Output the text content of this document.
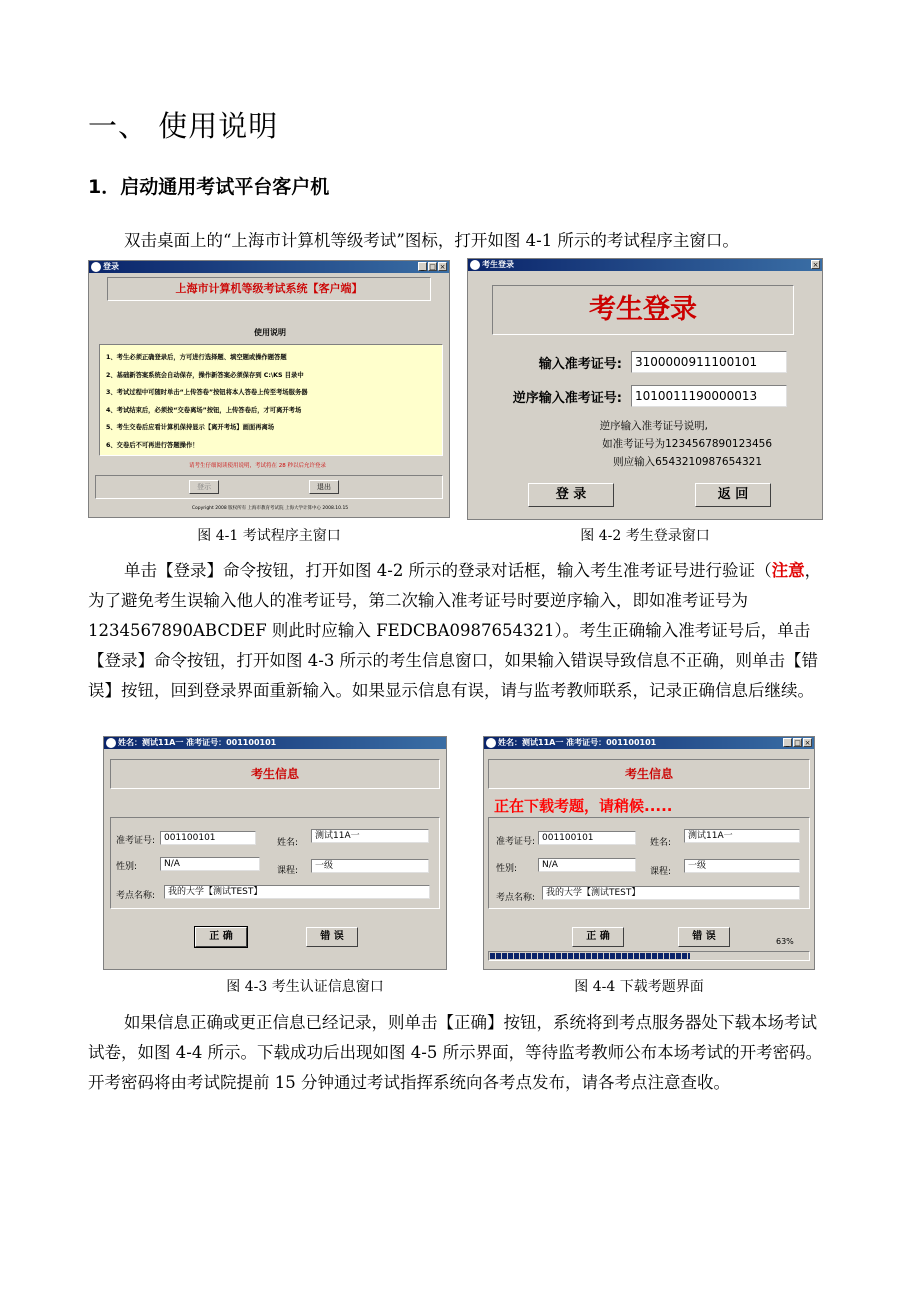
一、 使用说明
1．启动通用考试平台客户机

双击桌面上的“上海市计算机等级考试”图标，打开如图 4-1 所示的考试程序主窗口。

登录	_ □ ×
上海市计算机等级考试系统【客户端】
使用说明
1、考生必须正确登录后，方可进行选择题、填空题或操作题答题
2、基础新答案系统会自动保存，操作新答案必须保存到 C:\KS 目录中
3、考试过程中可随时单击“上传答卷”按钮将本人答卷上传至考场服务器
4、考试结束后，必须按“交卷离场”按钮，上传答卷后，才可离开考场
5、考生交卷后应看计算机保持显示【离开考场】画面再离场
6、交卷后不可再进行答题操作！
请考生仔细阅读使用说明，考试将在 28 秒以后允许登录
登示	退出
Copyright 2008 版权所有 上海市教育考试院 上海大学计算中心 2008.10.15
考生登录	×
考生登录
输入准考证号:	3100000911100101
逆序输入准考证号:	1010011190000013
逆序输入准考证号说明,
如准考证号为1234567890123456
则应输入6543210987654321
登 录	返 回
图 4-1 考试程序主窗口	图 4-2 考生登录窗口

单击【登录】命令按钮，打开如图 4-2 所示的登录对话框，输入考生准考证号进行验证（注意，为了避免考生误输入他人的准考证号，第二次输入准考证号时要逆序输入，即如准考证号为 1234567890ABCDEF 则此时应输入 FEDCBA0987654321）。考生正确输入准考证号后，单击【登录】命令按钮，打开如图 4-3 所示的考生信息窗口，如果输入错误导致信息不正确，则单击【错误】按钮，回到登录界面重新输入。如果显示信息有误，请与监考教师联系，记录正确信息后继续。

姓名：测试11A一 准考证号：001100101
考生信息
准考证号: 001100101	姓名:
测试11A一
性别:	N/A
课程:	一级
考点名称:	我的大学【测试TEST】
正 确	错 误
姓名：测试11A一 准考证号：001100101	_ □ ×
考生信息
正在下载考题，请稍候.....
准考证号: 001100101	姓名:
测试11A一
性别:	N/A
课程:
一级
考点名称:	我的大学【测试TEST】
正 确	错 误	63%
图 4-3 考生认证信息窗口	图 4-4 下载考题界面

如果信息正确或更正信息已经记录，则单击【正确】按钮，系统将到考点服务器处下载本场考试试卷，如图 4-4 所示。下载成功后出现如图 4-5 所示界面，等待监考教师公布本场考试的开考密码。开考密码将由考试院提前 15 分钟通过考试指挥系统向各考点发布，请各考点注意查收。
